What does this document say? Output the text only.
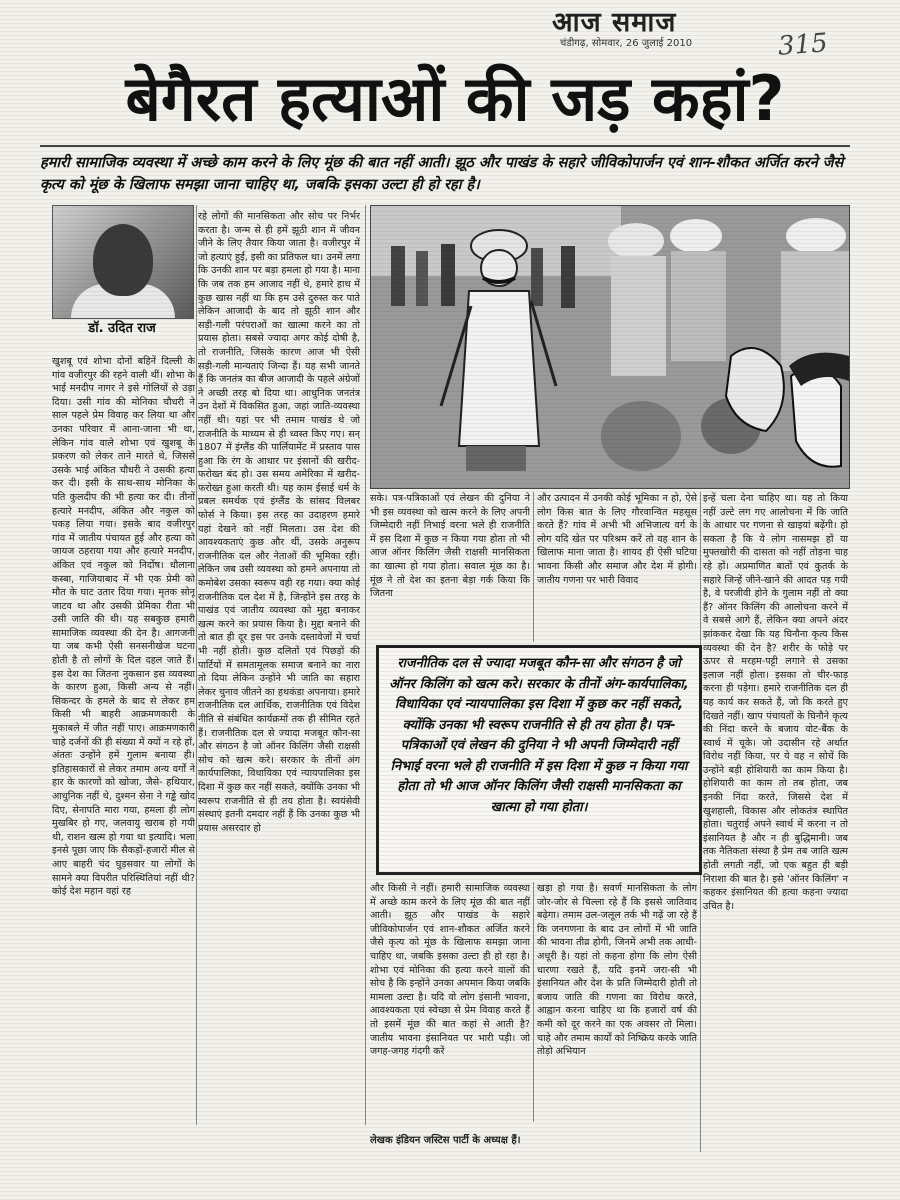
आज समाज
चंडीगढ़, सोमवार, 26 जुलाई 2010	315
बेगैरत हत्याओं की जड़ कहां?
हमारी सामाजिक व्यवस्था में अच्छे काम करने के लिए मूंछ की बात नहीं आती। झूठ और पाखंड के सहारे जीविकोपार्जन एवं शान-शौकत अर्जित करने जैसे कृत्य को मूंछ के खिलाफ समझा जाना चाहिए था, जबकि इसका उल्टा ही हो रहा है।
डॉ. उदित राज

खुशबू एवं शोभा दोनों बहिनें दिल्ली के गांव वजीरपुर की रहने वाली थीं। शोभा के भाई मनदीप नागर ने इसे गोलियों से उड़ा दिया। उसी गांव की मोनिका चौधरी ने साल पहले प्रेम विवाह कर लिया था और उनका परिवार में आना-जाना भी था, लेकिन गांव वाले शोभा एवं खुशबू के प्रकरण को लेकर ताने मारते थे, जिससे उसके भाई अंकित चौधरी ने उसकी हत्या कर दी। इसी के साथ-साथ मोनिका के पति कुलदीप की भी हत्या कर दी। तीनों हत्यारे मनदीप, अंकित और नकुल को पकड़ लिया गया। इसके बाद वजीरपुर गांव में जातीय पंचायत हुई और हत्या को जायज ठहराया गया और हत्यारे मनदीप, अंकित एवं नकुल को निर्दोष। धौलाना कस्बा, गाजियाबाद में भी एक प्रेमी को मौत के घाट उतार दिया गया। मृतक सोनू जाटव था और उसकी प्रेमिका रीता भी उसी जाति की थी। यह सबकुछ हमारी सामाजिक व्यवस्था की देन है। आगजनी या जब कभी ऐसी सनसनीखेज घटना होती है तो लोगों के दिल दहल जाते हैं। इस देश का जितना नुकसान इस व्यवस्था के कारण हुआ, किसी अन्य से नहीं। सिकन्दर के हमले के बाद से लेकर हम किसी भी बाहरी आक्रमणकारी के मुकाबले में जीत नहीं पाए। आक्रमणकारी चाहे दर्जनों की ही संख्या में क्यों न रहे हों, अंततः उन्होंने हमें गुलाम बनाया ही। इतिहासकारों से लेकर तमाम अन्य वर्गों ने हार के कारणों को खोजा, जैसे- हथियार, आधुनिक नहीं थे, दुश्मन सेना ने गड्ढे खोद दिए, सेनापति मारा गया, हमला ही लोग मुखबिर हो गए, जलवायु खराब हो गयी थी, राशन खत्म हो गया था इत्यादि। भला इनसे पूछा जाए कि सैकड़ों-हजारों मील से आए बाहरी चंद घुड़सवार या लोगों के सामने क्या विपरीत परिस्थितियां नहीं थी? कोई देश महान वहां रह

रहे लोगों की मानसिकता और सोच पर निर्भर करता है। जन्म से ही हमें झूठी शान में जीवन जीने के लिए तैयार किया जाता है। वजीरपुर में जो हत्याएं हुईं, इसी का प्रतिफल था। उनमें लगा कि उनकी शान पर बड़ा हमला हो गया है। माना कि जब तक हम आजाद नहीं थे, हमारे हाथ में कुछ खास नहीं था कि हम उसे दुरुस्त कर पाते लेकिन आजादी के बाद तो झूठी शान और सड़ी-गली परंपराओं का खात्मा करने का तो प्रयास होता। सबसे ज्यादा अगर कोई दोषी है, तो राजनीति, जिसके कारण आज भी ऐसी सड़ी-गली मान्यताएं जिन्दा हैं। यह सभी जानते हैं कि जनतंत्र का बीज आजादी के पहले अंग्रेजों ने अच्छी तरह बो दिया था। आधुनिक जनतंत्र उन देशों में विकसित हुआ, जहां जाति-व्यवस्था नहीं थी। यहां पर भी तमाम पाखंड थे जो राजनीति के माध्यम से ही ध्वस्त किए गए। सन् 1807 में इंग्लैंड की पार्लियामेंट में प्रस्ताव पास हुआ कि रंग के आधार पर इंसानों की खरीद-फरोख्त बंद हो। उस समय अमेरिका में खरीद-फरोख्त हुआ करती थी। यह काम ईसाई धर्म के प्रबल समर्थक एवं इंग्लैंड के सांसद विलबर फोर्स ने किया। इस तरह का उदाहरण हमारे यहां देखने को नहीं मिलता। उस देश की आवश्यकताएं कुछ और थीं, उसके अनुरूप राजनीतिक दल और नेताओं की भूमिका रही। लेकिन जब उसी व्यवस्था को हमने अपनाया तो कमोबेश उसका स्वरूप वही रह गया। क्या कोई राजनीतिक दल देश में है, जिन्होंने इस तरह के पाखंड एवं जातीय व्यवस्था को मुद्दा बनाकर खत्म करने का प्रयास किया है। मुद्दा बनाने की तो बात ही दूर इस पर उनके दस्तावेजों में चर्चा भी नहीं होती। कुछ दलितों एवं पिछड़ों की पार्टियों में समतामूलक समाज बनाने का नारा तो दिया लेकिन उन्होंने भी जाति का सहारा लेकर चुनाव जीतने का हथकंडा अपनाया। हमारे राजनीतिक दल आर्थिक, राजनीतिक एवं विदेश नीति से संबंधित कार्यक्रमों तक ही सीमित रहते हैं। राजनीतिक दल से ज्यादा मजबूत कौन-सा और संगठन है जो ऑनर किलिंग जैसी राक्षसी सोच को खत्म करे। सरकार के तीनों अंग कार्यपालिका, विधायिका एवं न्यायपालिका इस दिशा में कुछ कर नहीं सकते, क्योंकि उनका भी स्वरूप राजनीति से ही तय होता है। स्वयंसेवी संस्थाएं इतनी दमदार नहीं हैं कि उनका कुछ भी प्रयास असरदार हो

सके। पत्र-पत्रिकाओं एवं लेखन की दुनिया ने भी इस व्यवस्था को खत्म करने के लिए अपनी जिम्मेदारी नहीं निभाई वरना भले ही राजनीति में इस दिशा में कुछ न किया गया होता तो भी आज ऑनर किलिंग जैसी राक्षसी मानसिकता का खात्मा हो गया होता। सवाल मूंछ का है। मूंछ ने तो देश का इतना बेड़ा गर्क किया कि जितना

और उत्पादन में उनकी कोई भूमिका न हो, ऐसे लोग किस बात के लिए गौरवान्वित महसूस करते हैं? गांव में अभी भी अभिजात्य वर्ग के लोग यदि खेत पर परिश्रम करें तो वह शान के खिलाफ माना जाता है। शायद ही ऐसी घटिया भावना किसी और समाज और देश में होगी। जातीय गणना पर भारी विवाद

इन्हें चला देना चाहिए था। यह तो किया नहीं उल्टे लग गए आलोचना में कि जाति के आधार पर गणना से खाइयां बढ़ेंगी। हो सकता है कि ये लोग नासमझ हों या मुफ्तखोरी की दासता को नहीं तोड़ना चाह रहे हों। अप्रमाणित बातों एवं कुतर्क के सहारे जिन्हें जीने-खाने की आदत पड़ गयी है, वे परजीवी होने के गुलाम नहीं तो क्या हैं? ऑनर किलिंग की आलोचना करने में वे सबसे आगे हैं, लेकिन क्या अपने अंदर झांककर देखा कि यह घिनौना कृत्य किस व्यवस्था की देन है? शरीर के फोड़े पर ऊपर से मरहम-पट्टी लगाने से उसका इलाज नहीं होता। इसका तो चीर-फाड़ करना ही पड़ेगा। हमारे राजनीतिक दल ही यह कार्य कर सकते हैं, जो कि करते हुए दिखते नहीं। खाप पंचायतों के घिनौने कृत्य की निंदा करने के बजाय वोट-बैंक के स्वार्थ में चूके। जो उदासीन रहे अर्थात विरोध नहीं किया, पर ये वह न सोचें कि उन्होंने बड़ी होशियारी का काम किया है। होशियारी का काम तो तब होता, जब इनकी निंदा करते, जिससे देश में खुशहाली, विकास और लोकतंत्र स्थापित होता। चतुराई अपने स्वार्थ में करना न तो इंसानियत है और न ही बुद्धिमानी। जब तक नैतिकता संस्था है प्रेम तब जाति खत्म होती लगती नहीं, जो एक बहुत ही बड़ी निराशा की बात है। इसे 'ऑनर किलिंग' न कहकर इंसानियत की हत्या कहना ज्यादा उचित है।

और किसी ने नहीं। हमारी सामाजिक व्यवस्था में अच्छे काम करने के लिए मूंछ की बात नहीं आती। झूठ और पाखंड के सहारे जीविकोपार्जन एवं शान-शौकत अर्जित करने जैसे कृत्य को मूंछ के खिलाफ समझा जाना चाहिए था, जबकि इसका उल्टा ही हो रहा है। शोभा एवं मोनिका की हत्या करने वालों की सोच है कि इन्होंने उनका अपमान किया जबकि मामला उल्टा है। यदि वो लोग इंसानी भावना, आवश्यकता एवं स्वेच्छा से प्रेम विवाह करते हैं तो इसमें मूंछ की बात कहां से आती है? जातीय भावना इंसानियत पर भारी पड़ी। जो जगह-जगह गंदगी करें

खड़ा हो गया है। सवर्ण मानसिकता के लोग जोर-जोर से चिल्ला रहे हैं कि इससे जातिवाद बढ़ेगा। तमाम उल-जलूल तर्क भी गढ़ें जा रहे हैं कि जनगणना के बाद उन लोगों में भी जाति की भावना तीव्र होगी, जिनमें अभी तक आधी-अधूरी है। यहां तो कहना होगा कि लोग ऐसी धारणा रखते हैं, यदि इनमें जरा-सी भी इंसानियत और देश के प्रति जिम्मेदारी होती तो बजाय जाति की गणना का विरोध करते, आह्वान करना चाहिए था कि हजारों वर्ष की कमी को दूर करने का एक अवसर तो मिला। चाहे और तमाम कार्यों को निष्क्रिय करके जाति तोड़ो अभियान

राजनीतिक दल से ज्यादा मजबूत कौन-सा और संगठन है जो ऑनर किलिंग को खत्म करे। सरकार के तीनों अंग-कार्यपालिका, विधायिका एवं न्यायपालिका इस दिशा में कुछ कर नहीं सकते, क्योंकि उनका भी स्वरूप राजनीति से ही तय होता है। पत्र-पत्रिकाओं एवं लेखन की दुनिया ने भी अपनी जिम्मेदारी नहीं निभाई वरना भले ही राजनीति में इस दिशा में कुछ न किया गया होता तो भी आज ऑनर किलिंग जैसी राक्षसी मानसिकता का खात्मा हो गया होता।
लेखक इंडियन जस्टिस पार्टी के अध्यक्ष हैं।
